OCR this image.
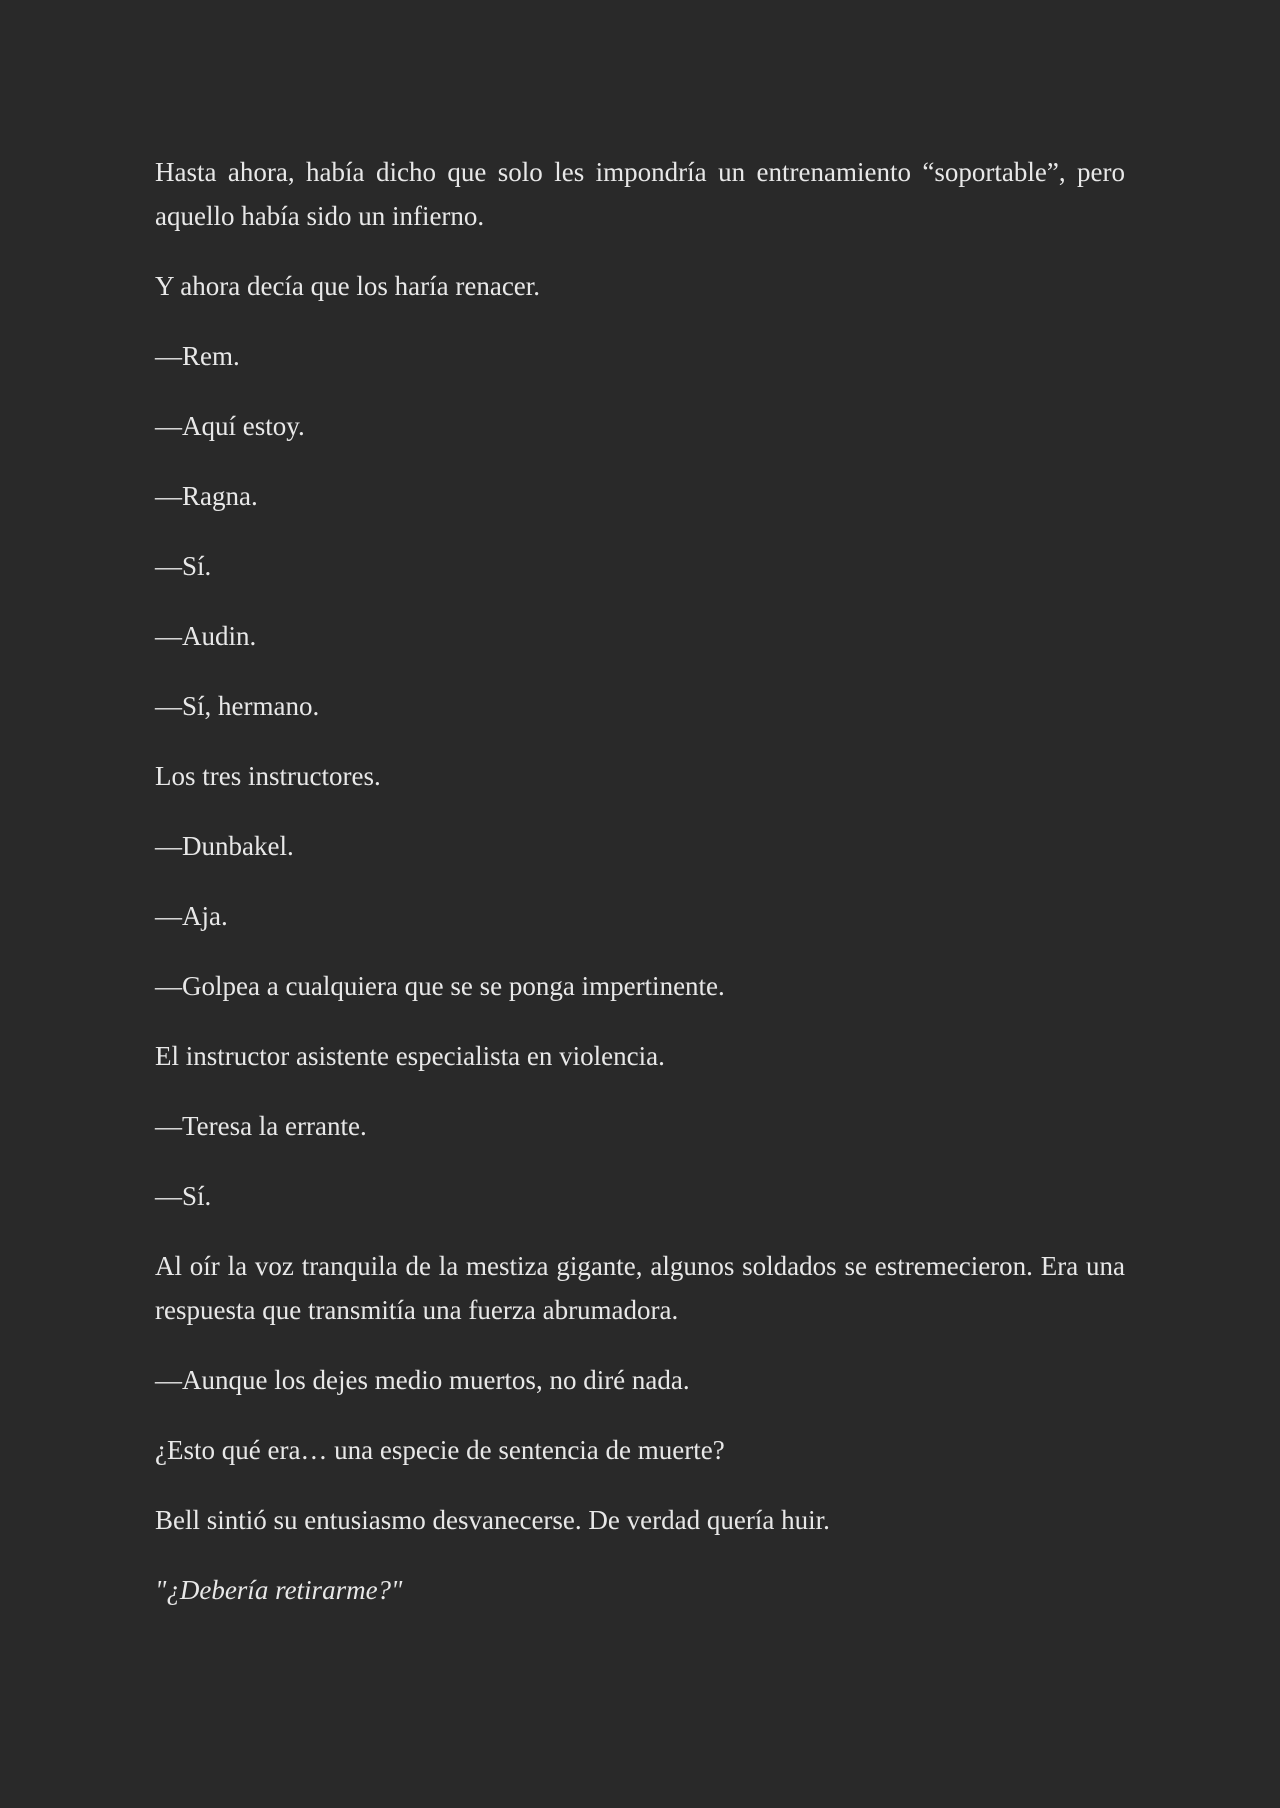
Hasta ahora, había dicho que solo les impondría un entrenamiento “soportable”, pero aquello había sido un infierno.

Y ahora decía que los haría renacer.

—Rem.

—Aquí estoy.

—Ragna.

—Sí.

—Audin.

—Sí, hermano.

Los tres instructores.

—Dunbakel.

—Aja.

—Golpea a cualquiera que se se ponga impertinente.

El instructor asistente especialista en violencia.

—Teresa la errante.

—Sí.

Al oír la voz tranquila de la mestiza gigante, algunos soldados se estremecieron. Era una respuesta que transmitía una fuerza abrumadora.

—Aunque los dejes medio muertos, no diré nada.

¿Esto qué era… una especie de sentencia de muerte?

Bell sintió su entusiasmo desvanecerse. De verdad quería huir.

"¿Debería retirarme?"
